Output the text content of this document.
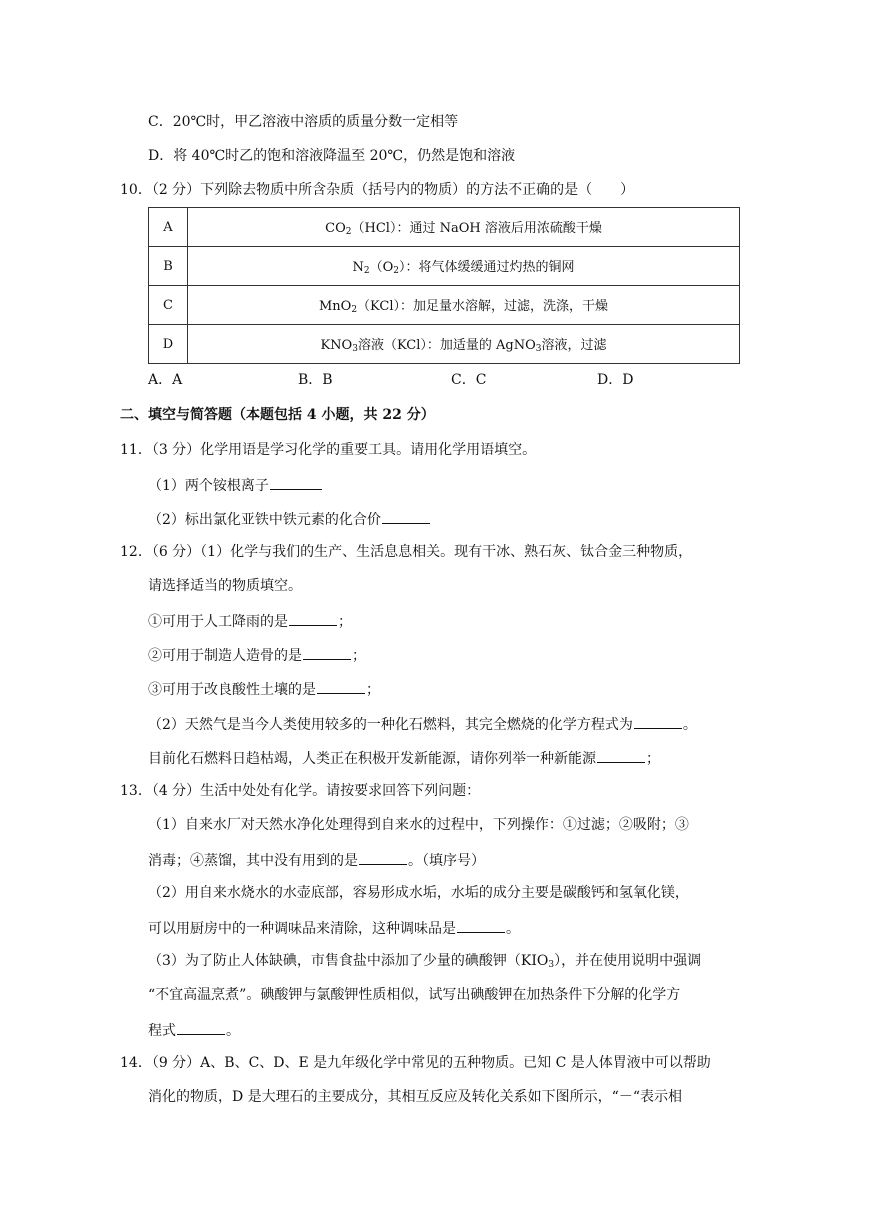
C．20℃时，甲乙溶液中溶质的质量分数一定相等
D．将 40℃时乙的饱和溶液降温至 20℃，仍然是饱和溶液
10．（2 分）下列除去物质中所含杂质（括号内的物质）的方法不正确的是（　　）
A	$CO_2(HCl)$：通过 NaOH 溶液后用浓硫酸干燥
B	$N_2(O_2)$：将气体缓缓通过灼热的铜网
C	MnO$_2$（KCl）：加足量水溶解，过滤，洗涤，干燥
D	$KNO_3$溶液（KCl）：加适量的 AgNO$_3$溶液，过滤
A．A	B．B	C．C	D．D
二、填空与简答题（本题包括 4 小题，共 22 分）
11．（3 分）化学用语是学习化学的重要工具。请用化学用语填空。
（1）两个铵根离子
（2）标出氯化亚铁中铁元素的化合价
12．（6 分）（1）化学与我们的生产、生活息息相关。现有干冰、熟石灰、钛合金三种物质，
请选择适当的物质填空。
①可用于人工降雨的是	；
②可用于制造人造骨的是	；
③可用于改良酸性土壤的是	；
（2）天然气是当今人类使用较多的一种化石燃料，其完全燃烧的化学方程式为	。
目前化石燃料日趋枯竭，人类正在积极开发新能源，请你列举一种新能源	；
13．（4 分）生活中处处有化学。请按要求回答下列问题：
（1）自来水厂对天然水净化处理得到自来水的过程中，下列操作：①过滤；②吸附；③
消毒；④蒸馏，其中没有用到的是	。（填序号）
（2）用自来水烧水的水壶底部，容易形成水垢，水垢的成分主要是碳酸钙和氢氧化镁，
可以用厨房中的一种调味品来清除，这种调味品是	。
（3）为了防止人体缺碘，市售食盐中添加了少量的碘酸钾$(KIO_3)$，并在使用说明中强调
“不宜高温烹煮”。碘酸钾与氯酸钾性质相似，试写出碘酸钾在加热条件下分解的化学方
程式	。
14．（9 分）A、B、C、D、E 是九年级化学中常见的五种物质。已知 C 是人体胃液中可以帮助
消化的物质，D 是大理石的主要成分，其相互反应及转化关系如下图所示，“－“表示相
